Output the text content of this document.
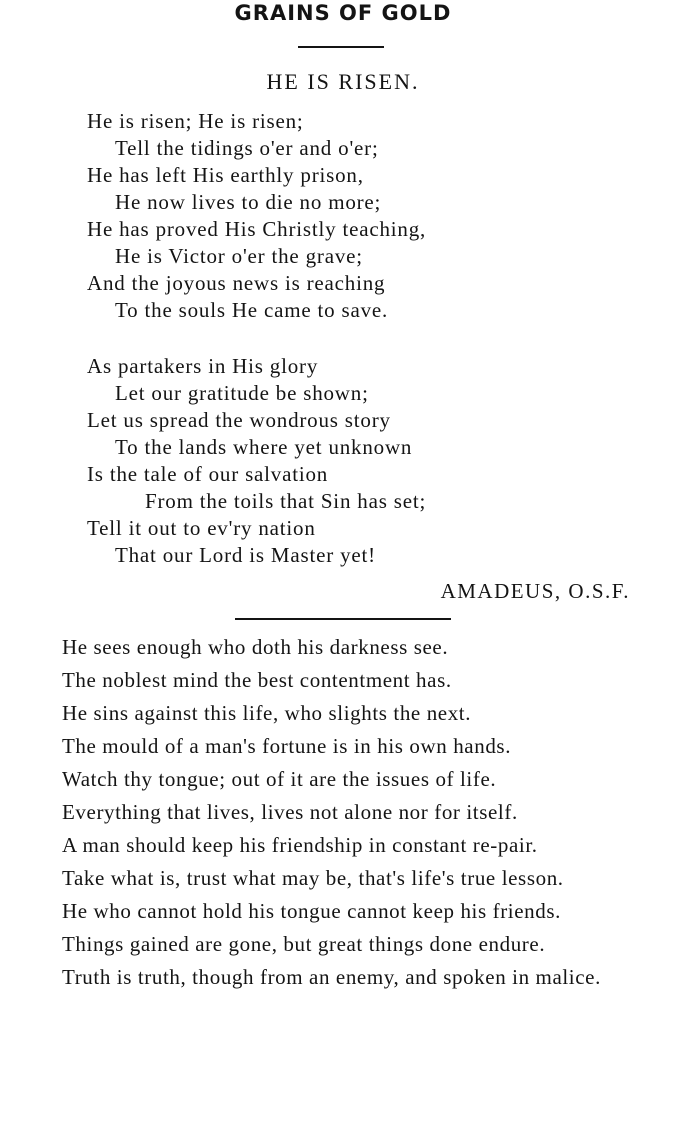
GRAINS OF GOLD
HE IS RISEN.
He is risen; He is risen;
Tell the tidings o'er and o'er;
He has left His earthly prison,
He now lives to die no more;
He has proved His Christly teaching,
He is Victor o'er the grave;
And the joyous news is reaching
To the souls He came to save.
As partakers in His glory
Let our gratitude be shown;
Let us spread the wondrous story
To the lands where yet unknown
Is the tale of our salvation
From the toils that Sin has set;
Tell it out to ev'ry nation
That our Lord is Master yet!
AMADEUS, O.S.F.

He sees enough who doth his darkness see.

The noblest mind the best contentment has.

He sins against this life, who slights the next.

The mould of a man's fortune is in his own hands.

Watch thy tongue; out of it are the issues of life.

Everything that lives, lives not alone nor for itself.

A man should keep his friendship in constant re-pair.

Take what is, trust what may be, that's life's true lesson.

He who cannot hold his tongue cannot keep his friends.

Things gained are gone, but great things done endure.

Truth is truth, though from an enemy, and spoken in malice.
